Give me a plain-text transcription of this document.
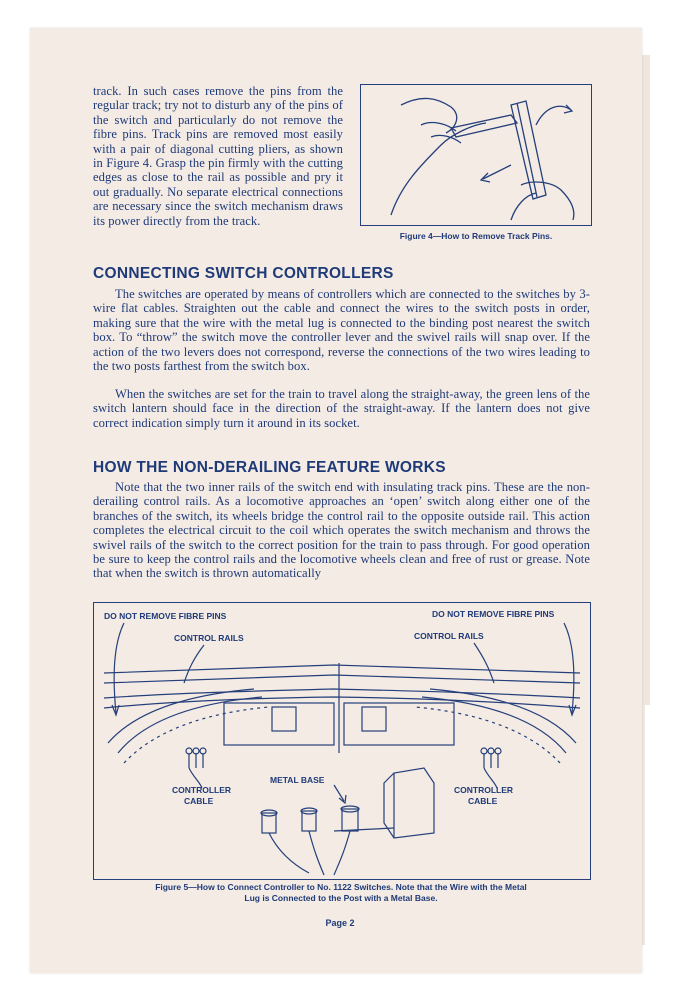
track. In such cases remove the pins from the regular track; try not to disturb any of the pins of the switch and particularly do not remove the fibre pins. Track pins are removed most easily with a pair of diagonal cutting pliers, as shown in Figure 4. Grasp the pin firmly with the cutting edges as close to the rail as possible and pry it out gradually. No separate electrical connections are necessary since the switch mechanism draws its power directly from the track.

Figure 4—How to Remove Track Pins.
CONNECTING SWITCH CONTROLLERS

The switches are operated by means of controllers which are connected to the switches by 3-wire flat cables. Straighten out the cable and connect the wires to the switch posts in order, making sure that the wire with the metal lug is connected to the binding post nearest the switch box. To “throw” the switch move the controller lever and the swivel rails will snap over. If the action of the two levers does not correspond, reverse the connections of the two wires leading to the two posts farthest from the switch box.

When the switches are set for the train to travel along the straight-away, the green lens of the switch lantern should face in the direction of the straight-away. If the lantern does not give correct indication simply turn it around in its socket.

HOW THE NON-DERAILING FEATURE WORKS

Note that the two inner rails of the switch end with insulating track pins. These are the non-derailing control rails. As a locomotive approaches an ‘open’ switch along either one of the branches of the switch, its wheels bridge the control rail to the opposite outside rail. This action completes the electrical circuit to the coil which operates the switch mechanism and throws the swivel rails of the switch to the correct position for the train to pass through. For good operation be sure to keep the control rails and the locomotive wheels clean and free of rust or grease. Note that when the switch is thrown automatically

DO NOT REMOVE FIBRE PINS	DO NOT REMOVE FIBRE PINS
CONTROL RAILS	CONTROL RAILS
METAL BASE
CONTROLLER
CABLE
CONTROLLER
CABLE
Figure 5—How to Connect Controller to No. 1122 Switches. Note that the Wire with the Metal
Lug is Connected to the Post with a Metal Base.
Page 2
